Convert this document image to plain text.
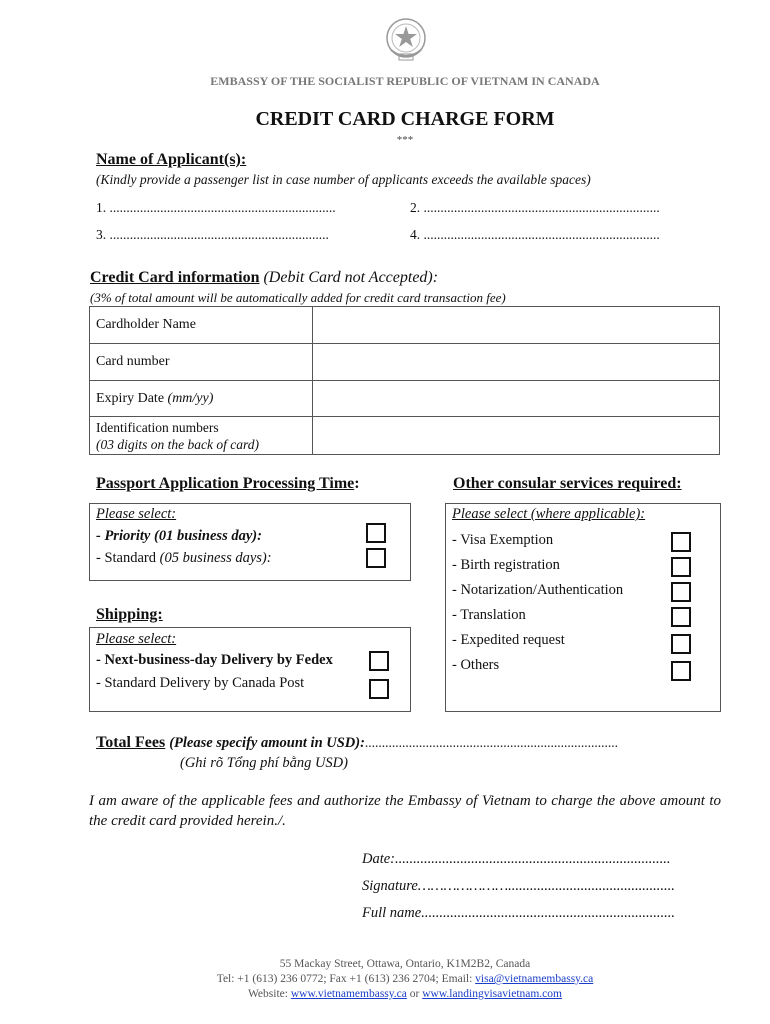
EMBASSY OF THE SOCIALIST REPUBLIC OF VIETNAM IN CANADA
CREDIT CARD CHARGE FORM
***
Name of Applicant(s):
(Kindly provide a passenger list in case number of applicants exceeds the available spaces)
1. ...................................................................	2. ......................................................................
3. .................................................................	4. ......................................................................
Credit Card information (Debit Card not Accepted):
(3% of total amount will be automatically added for credit card transaction fee)
Cardholder Name	
Card number	
Expiry Date (mm/yy)	

Identification numbers
(03 digits on the back of card)	

Passport Application Processing Time:
Please select:
- Priority (01 business day):
- Standard (05 business days):
Shipping:
Please select:
- Next-business-day Delivery by Fedex
- Standard Delivery by Canada Post
Other consular services required:
Please select (where applicable):
- Visa Exemption
- Birth registration
- Notarization/Authentication
- Translation
- Expedited request
- Others
Total Fees (Please specify amount in USD):...........................................................................
(Ghi rõ Tổng phí bằng USD)
I am aware of the applicable fees and authorize the Embassy of Vietnam to charge the above amount to the credit card provided herein./.
Date:............................................................................
Signature…………………..............................................
Full name......................................................................
55 Mackay Street, Ottawa, Ontario, K1M2B2, Canada
Tel: +1 (613) 236 0772; Fax +1 (613) 236 2704; Email: visa@vietnamembassy.ca
Website: www.vietnamembassy.ca or www.landingvisavietnam.com
